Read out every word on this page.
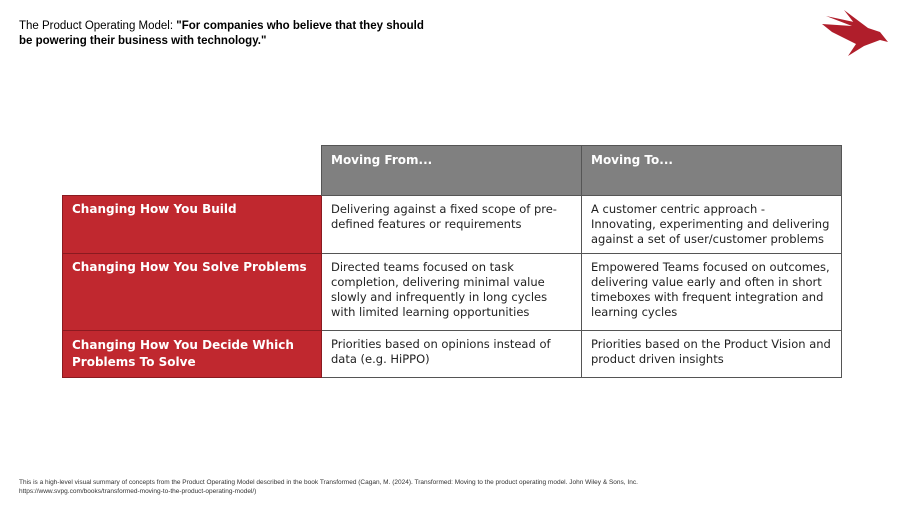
The Product Operating Model: "For companies who believe that they should be powering their business with technology."
	Moving From...	Moving To...
Changing How You Build	Delivering against a fixed scope of pre-defined features or requirements	A customer centric approach - Innovating, experimenting and delivering against a set of user/customer problems
Changing How You Solve Problems	Directed teams focused on task completion, delivering minimal value slowly and infrequently in long cycles with limited learning opportunities	Empowered Teams focused on outcomes, delivering value early and often in short timeboxes with frequent integration and learning cycles
Changing How You Decide Which Problems To Solve	Priorities based on opinions instead of data (e.g. HiPPO)	Priorities based on the Product Vision and product driven insights
This is a high-level visual summary of concepts from the Product Operating Model described in the book Transformed (Cagan, M. (2024). Transformed: Moving to the product operating model. John Wiley & Sons, Inc.
https://www.svpg.com/books/transformed-moving-to-the-product-operating-model/)
